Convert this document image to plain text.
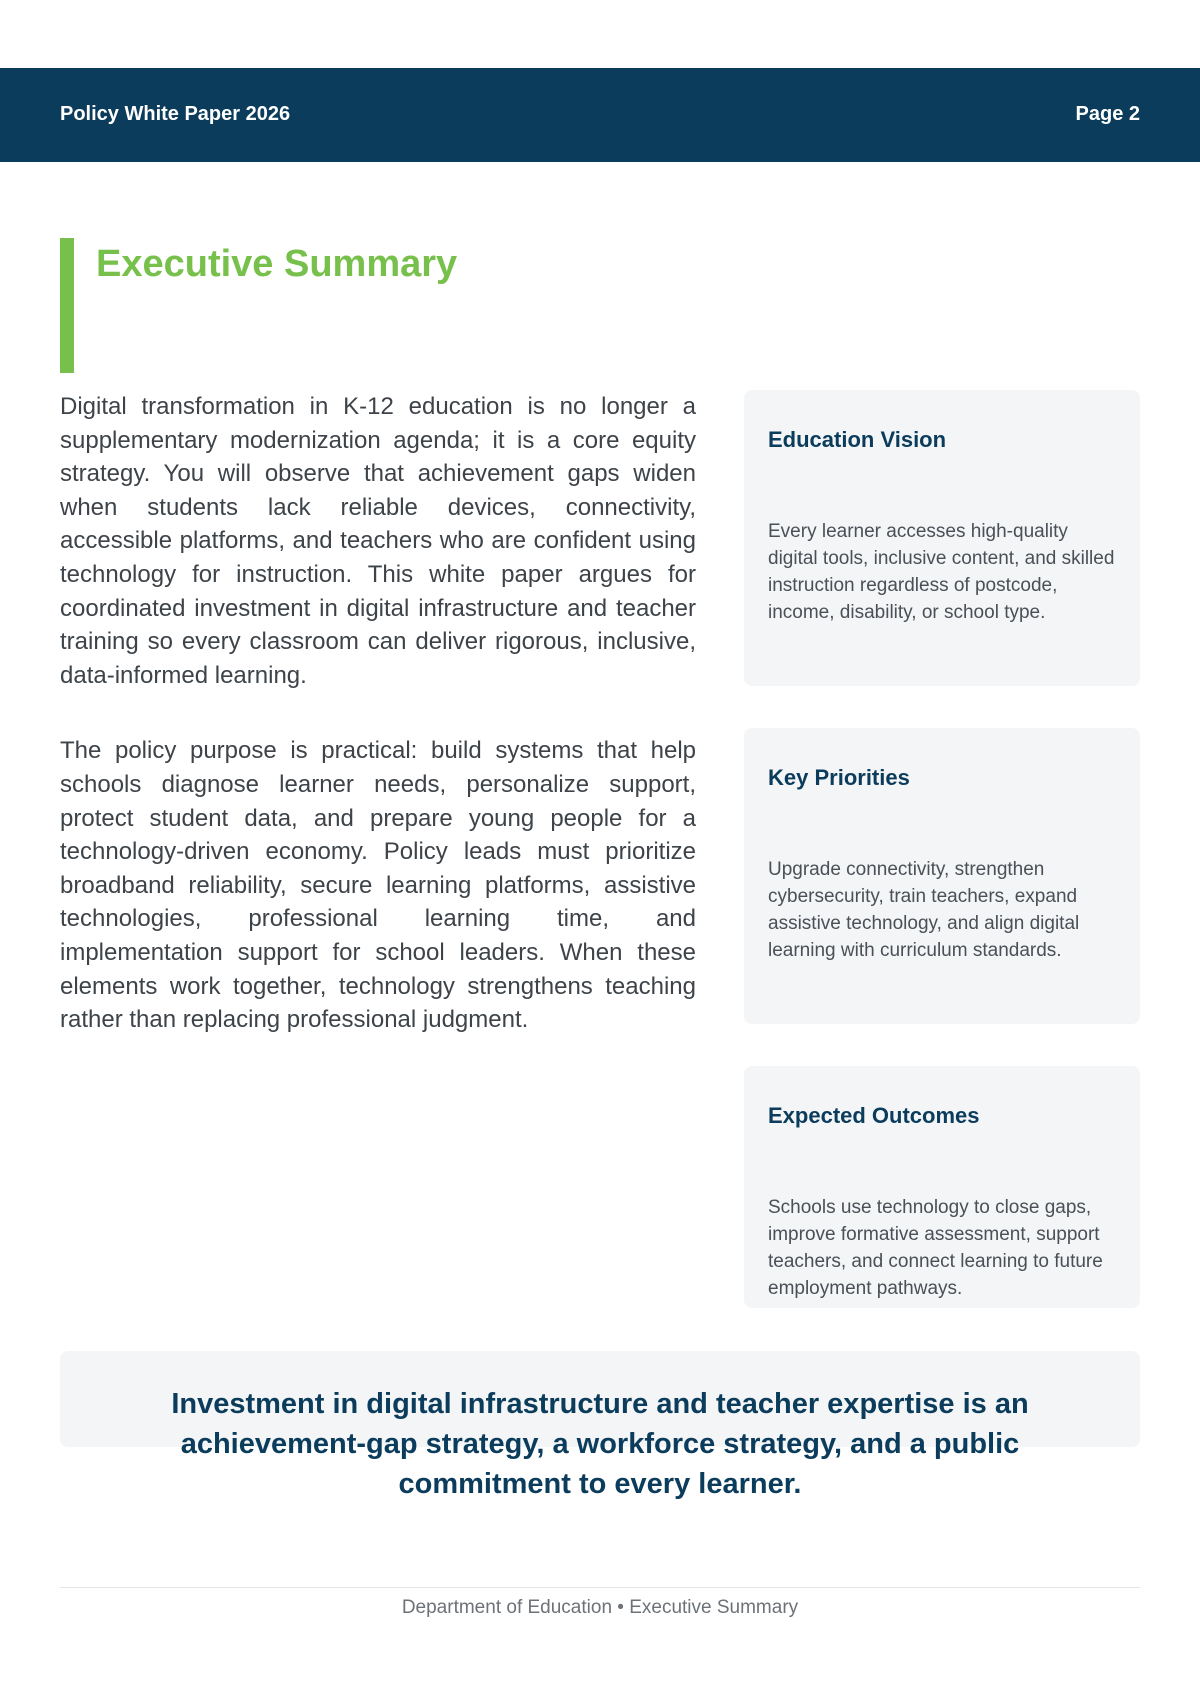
Policy White Paper 2026	Page 2
Executive Summary

Digital transformation in K-12 education is no longer a supplementary modernization agenda; it is a core equity strategy. You will observe that achievement gaps widen when students lack reliable devices, connectivity, accessible platforms, and teachers who are confident using technology for instruction. This white paper argues for coordinated investment in digital infrastructure and teacher training so every classroom can deliver rigorous, inclusive, data-informed learning.

The policy purpose is practical: build systems that help schools diagnose learner needs, personalize support, protect student data, and prepare young people for a technology-driven economy. Policy leads must prioritize broadband reliability, secure learning platforms, assistive technologies, professional learning time, and implementation support for school leaders. When these elements work together, technology strengthens teaching rather than replacing professional judgment.

Education Vision
Every learner accesses high-quality digital tools, inclusive content, and skilled instruction regardless of postcode, income, disability, or school type.
Key Priorities
Upgrade connectivity, strengthen cybersecurity, train teachers, expand assistive technology, and align digital learning with curriculum standards.
Expected Outcomes
Schools use technology to close gaps, improve formative assessment, support teachers, and connect learning to future employment pathways.
Investment in digital infrastructure and teacher expertise is an achievement-gap strategy, a workforce strategy, and a public commitment to every learner.
Department of Education • Executive Summary
